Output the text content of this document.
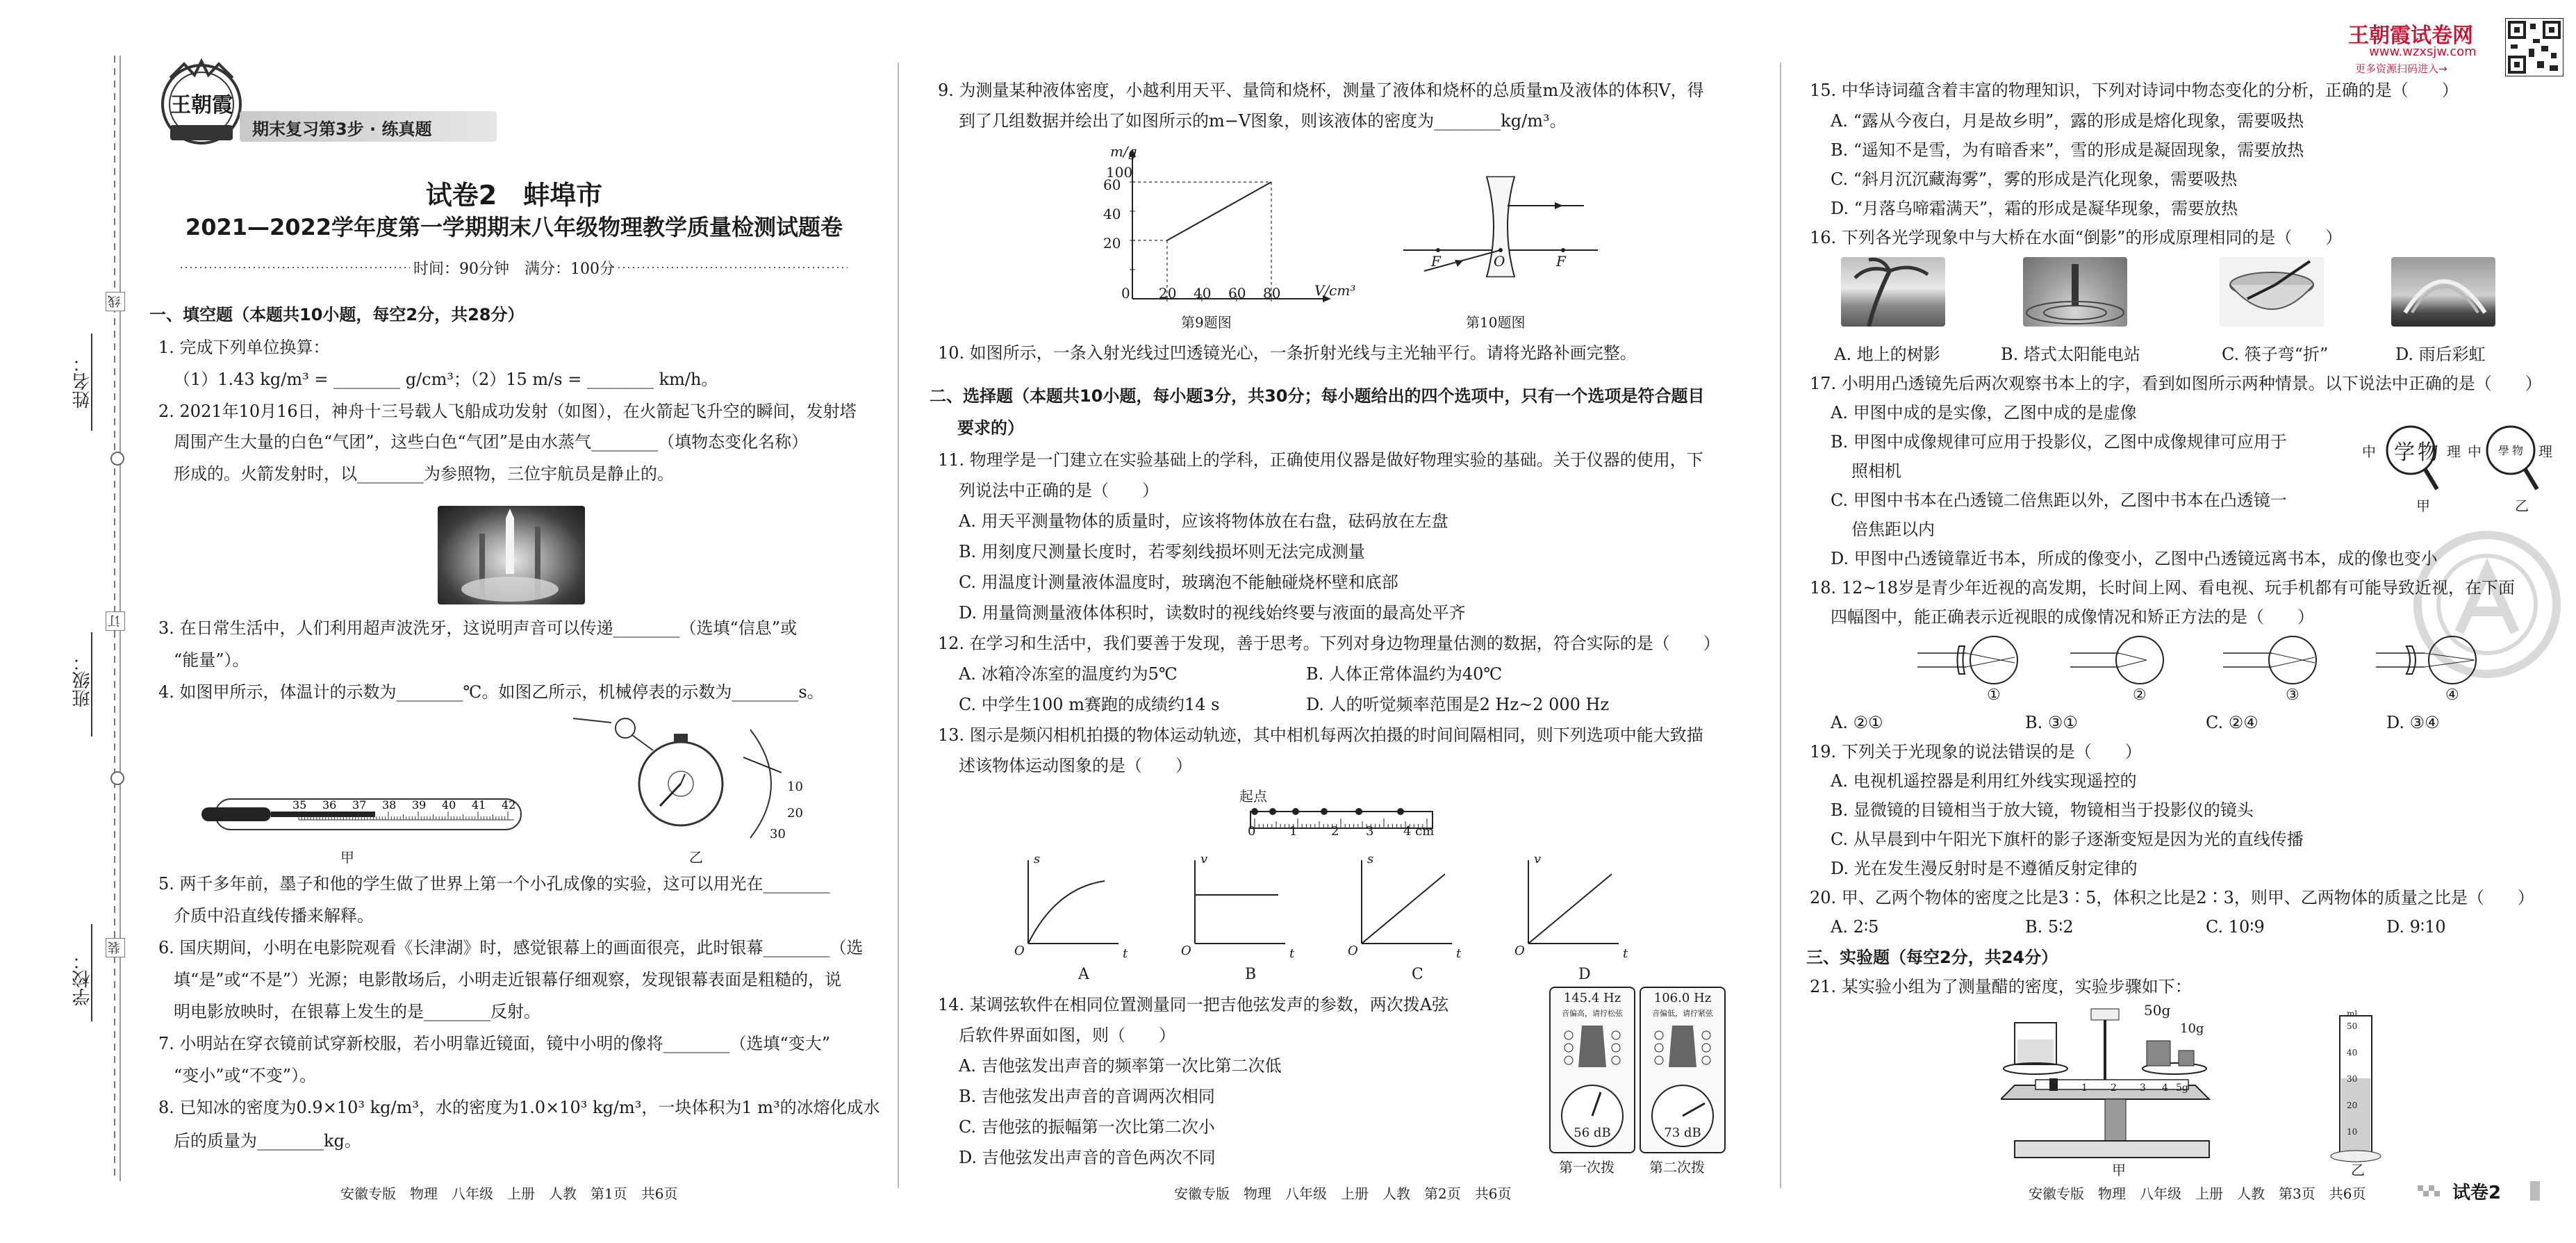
姓名：
班级：
学校：
线
订
装
王朝霞
期末复习第3步 · 练真题
试卷2　蚌埠市
2021—2022学年度第一学期期末八年级物理教学质量检测试题卷
时间：90分钟　满分：100分
一、填空题（本题共10小题，每空2分，共28分）
1. 完成下列单位换算：
（1）1.43 kg/m³ = ________ g/cm³；（2）15 m/s = ________ km/h。
2. 2021年10月16日，神舟十三号载人飞船成功发射（如图），在火箭起飞升空的瞬间，发射塔
周围产生大量的白色“气团”，这些白色“气团”是由水蒸气________（填物态变化名称）
形成的。火箭发射时，以________为参照物，三位宇航员是静止的。
3. 在日常生活中，人们利用超声波洗牙，这说明声音可以传递________（选填“信息”或
“能量”）。
4. 如图甲所示，体温计的示数为________℃。如图乙所示，机械停表的示数为________s。
35 36 37 38 39 40 41 42
甲	乙
10
20
30
5. 两千多年前，墨子和他的学生做了世界上第一个小孔成像的实验，这可以用光在________
介质中沿直线传播来解释。
6. 国庆期间，小明在电影院观看《长津湖》时，感觉银幕上的画面很亮，此时银幕________（选
填“是”或“不是”）光源；电影散场后，小明走近银幕仔细观察，发现银幕表面是粗糙的，说
明电影放映时，在银幕上发生的是________反射。
7. 小明站在穿衣镜前试穿新校服，若小明靠近镜面，镜中小明的像将________（选填“变大”
“变小”或“不变”）。
8. 已知冰的密度为0.9×10³ kg/m³，水的密度为1.0×10³ kg/m³，一块体积为1 m³的冰熔化成水
后的质量为________kg。
安徽专版　物理　八年级　上册　人教　第1页　共6页
9. 为测量某种液体密度，小越利用天平、量筒和烧杯，测量了液体和烧杯的总质量m及液体的体积V，得
到了几组数据并绘出了如图所示的m−V图象，则该液体的密度为________kg/m³。
m/g
V/cm³
20
40
60
0 20 40 60 80
100
第9题图
F	O	F
第10题图
10. 如图所示，一条入射光线过凹透镜光心，一条折射光线与主光轴平行。请将光路补画完整。
二、选择题（本题共10小题，每小题3分，共30分；每小题给出的四个选项中，只有一个选项是符合题目
要求的）
11. 物理学是一门建立在实验基础上的学科，正确使用仪器是做好物理实验的基础。关于仪器的使用，下
列说法中正确的是（　　）
A. 用天平测量物体的质量时，应该将物体放在右盘，砝码放在左盘
B. 用刻度尺测量长度时，若零刻线损坏则无法完成测量
C. 用温度计测量液体温度时，玻璃泡不能触碰烧杯壁和底部
D. 用量筒测量液体体积时，读数时的视线始终要与液面的最高处平齐
12. 在学习和生活中，我们要善于发现，善于思考。下列对身边物理量估测的数据，符合实际的是（　　）
A. 冰箱冷冻室的温度约为5℃	B. 人体正常体温约为40℃
C. 中学生100 m赛跑的成绩约14 s	D. 人的听觉频率范围是2 Hz~2 000 Hz
13. 图示是频闪相机拍摄的物体运动轨迹，其中相机每两次拍摄的时间间隔相同，则下列选项中能大致描
述该物体运动图象的是（　　）
起点
0	1	2 3 4 cm
s	v	s	v
t	t	t	t
O	O	O	O
A	B	C	D
14. 某调弦软件在相同位置测量同一把吉他弦发声的参数，两次拨A弦
后软件界面如图，则（　　）
A. 吉他弦发出声音的频率第一次比第二次低
B. 吉他弦发出声音的音调两次相同
C. 吉他弦的振幅第一次比第二次小
D. 吉他弦发出声音的音色两次不同
145.4 Hz
音偏高，请拧松弦
56 dB
106.0 Hz
音偏低，请拧紧弦
73 dB
第一次拨	第二次拨
安徽专版　物理　八年级　上册　人教　第2页　共6页
王朝霞试卷网
www.wzxsjw.com
更多资源扫码进入→
15. 中华诗词蕴含着丰富的物理知识，下列对诗词中物态变化的分析，正确的是（　　）
A. “露从今夜白，月是故乡明”，露的形成是熔化现象，需要吸热
B. “遥知不是雪，为有暗香来”，雪的形成是凝固现象，需要放热
C. “斜月沉沉藏海雾”，雾的形成是汽化现象，需要吸热
D. “月落乌啼霜满天”，霜的形成是凝华现象，需要放热
16. 下列各光学现象中与大桥在水面“倒影”的形成原理相同的是（　　）
A. 地上的树影	B. 塔式太阳能电站	C. 筷子弯“折”	D. 雨后彩虹
17. 小明用凸透镜先后两次观察书本上的字，看到如图所示两种情景。以下说法中正确的是（　　）
A. 甲图中成的是实像，乙图中成的是虚像
B. 甲图中成像规律可应用于投影仪，乙图中成像规律可应用于
照相机
C. 甲图中书本在凸透镜二倍焦距以外，乙图中书本在凸透镜一
倍焦距以内
D. 甲图中凸透镜靠近书本，所成的像变小，乙图中凸透镜远离书本，成的像也变小
中 学 物 理 中 學 物 理
甲	乙
18. 12~18岁是青少年近视的高发期，长时间上网、看电视、玩手机都有可能导致近视，在下面
四幅图中，能正确表示近视眼的成像情况和矫正方法的是（　　）
①	②	③	④
A. ②①	B. ③①	C. ②④	D. ③④
19. 下列关于光现象的说法错误的是（　　）
A. 电视机遥控器是利用红外线实现遥控的
B. 显微镜的目镜相当于放大镜，物镜相当于投影仪的镜头
C. 从早晨到中午阳光下旗杆的影子逐渐变短是因为光的直线传播
D. 光在发生漫反射时是不遵循反射定律的
20. 甲、乙两个物体的密度之比是3∶5，体积之比是2∶3，则甲、乙两物体的质量之比是（　　）
A. 2∶5	B. 5∶2	C. 10∶9	D. 9∶10
三、实验题（每空2分，共24分）
21. 某实验小组为了测量醋的密度，实验步骤如下：
50g
10g
0 1 2 3 4 5g
50
40
30
20
10
ml
甲	乙
安徽专版　物理　八年级　上册　人教　第3页　共6页	试卷2
